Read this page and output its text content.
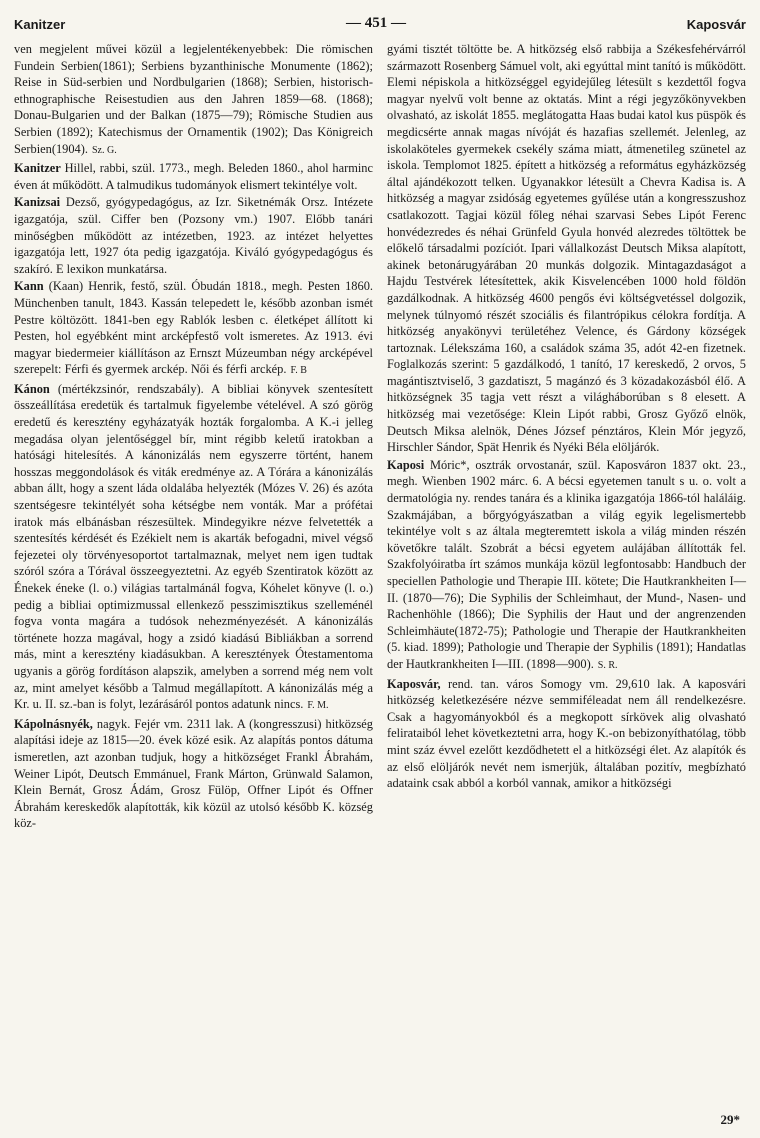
Kanitzer	— 451 —	Kaposvár

ven megjelent művei közül a legjelentékenyebbek: Die römischen Fundein Serbien(1861); Serbiens byzanthinische Monumente (1862); Reise in Süd-serbien und Nordbulgarien (1868); Serbien, historisch-ethnographische Reisestudien aus den Jahren 1859—68. (1868); Donau-Bulgarien und der Balkan (1875—79); Römische Studien aus Serbien (1892); Katechismus der Ornamentik (1902); Das Königreich Serbien(1904). Sz. G.

Kanitzer Hillel, rabbi, szül. 1773., megh. Beleden 1860., ahol harminc éven át működött. A talmudikus tudományok elismert tekintélye volt.

Kanizsai Dezső, gyógypedagógus, az Izr. Siketnémák Orsz. Intézete igazgatója, szül. Ciffer ben (Pozsony vm.) 1907. Előbb tanári minőségben működött az intézetben, 1923. az intézet helyettes igazgatója lett, 1927 óta pedig igazgatója. Kiváló gyógypedagógus és szakíró. E lexikon munkatársa.

Kann (Kaan) Henrik, festő, szül. Óbudán 1818., megh. Pesten 1860. Münchenben tanult, 1843. Kassán telepedett le, később azonban ismét Pestre költözött. 1841-ben egy Rablók lesben c. életképet állított ki Pesten, hol egyébként mint arcképfestő volt ismeretes. Az 1913. évi magyar biedermeier kiállításon az Ernszt Múzeumban négy arcképével szerepelt: Férfi és gyermek arckép. Női és férfi arckép. F. B

Kánon (mértékzsinór, rendszabály). A bibliai könyvek szentesített összeállítása eredetük és tartalmuk figyelembe vételével. A szó görög eredetű és keresztény egyházatyák hozták forgalomba. A K.-i jelleg megadása olyan jelentőséggel bír, mint régibb keletű iratokban a hatósági hitelesítés. A kánonizálás nem egyszerre történt, hanem hosszas meggondolások és viták eredménye az. A Tórára a kánonizálás abban állt, hogy a szent láda oldalába helyezték (Mózes V. 26) és azóta szentségesre tekintélyét soha kétségbe nem vonták. Mar a prófétai iratok más elbánásban részesültek. Mindegyikre nézve felvetették a szentesítés kérdését és Ezékielt nem is akarták befogadni, mivel végső fejezetei oly törvényesoportot tartalmaznak, melyet nem igen tudtak szóról szóra a Tórával összeegyeztetni. Az egyéb Szentiratok között az Énekek éneke (l. o.) világias tartalmánál fogva, Kóhelet könyve (l. o.) pedig a bibliai optimizmussal ellenkező pesszimisztikus szelleménél fogva vonta magára a tudósok nehezményezését. A kánonizálás története hozza magával, hogy a zsidó kiadású Bibliákban a sorrend más, mint a keresztény kiadásukban. A keresztények Ótestamentoma ugyanis a görög fordításon alapszik, amelyben a sorrend még nem volt az, mint amelyet később a Talmud megállapított. A kánonizálás még a Kr. u. II. sz.-ban is folyt, lezárásáról pontos adatunk nincs. F. M.

Kápolnásnyék, nagyk. Fejér vm. 2311 lak. A (kongresszusi) hitközség alapítási ideje az 1815—20. évek közé esik. Az alapítás pontos dátuma ismeretlen, azt azonban tudjuk, hogy a hitközséget Frankl Ábrahám, Weiner Lipót, Deutsch Emmánuel, Frank Márton, Grünwald Salamon, Klein Bernát, Grosz Ádám, Grosz Fülöp, Offner Lipót és Offner Ábrahám kereskedők alapították, kik közül az utolsó később K. község köz-

gyámi tisztét töltötte be. A hitközség első rabbija a Székesfehérvárról származott Rosenberg Sámuel volt, aki egyúttal mint tanító is működött. Elemi népiskola a hitközséggel egyidejűleg létesült s kezdettől fogva magyar nyelvű volt benne az oktatás. Mint a régi jegyzőkönyvekben olvasható, az iskolát 1855. meglátogatta Haas budai katol kus püspök és megdicsérte annak magas nívóját és hazafias szellemét. Jelenleg, az iskolaköteles gyermekek csekély száma miatt, átmenetileg szünetel az iskola. Templomot 1825. épített a hitközség a református egyházközség által ajándékozott telken. Ugyanakkor létesült a Chevra Kadisa is. A hitközség a magyar zsidóság egyetemes gyűlése után a kongresszushoz csatlakozott. Tagjai közül főleg néhai szarvasi Sebes Lipót Ferenc honvédezredes és néhai Grünfeld Gyula honvéd alezredes töltöttek be előkelő társadalmi pozíciót. Ipari vállalkozást Deutsch Miksa alapított, akinek betonárugyárában 20 munkás dolgozik. Mintagazdaságot a Hajdu Testvérek létesítettek, akik Kisvelencében 1000 hold földön gazdálkodnak. A hitközség 4600 pengős évi költségvetéssel dolgozik, melynek túlnyomó részét szociális és filantrópikus célokra fordítja. A hitközség anyakönyvi területéhez Velence, és Gárdony községek tartoznak. Lélekszáma 160, a családok száma 35, adót 42-en fizetnek. Foglalkozás szerint: 5 gazdálkodó, 1 tanító, 17 kereskedő, 2 orvos, 5 magántisztviselő, 3 gazdatiszt, 5 magánzó és 3 közadakozásból élő. A hitközségnek 35 tagja vett részt a világháborúban s 8 elesett. A hitközség mai vezetősége: Klein Lipót rabbi, Grosz Győző elnök, Deutsch Miksa alelnök, Dénes József pénztáros, Klein Mór jegyző, Hirschler Sándor, Spät Henrik és Nyéki Béla elöljárók.

Kaposi Móric*, osztrák orvostanár, szül. Kaposváron 1837 okt. 23., megh. Wienben 1902 márc. 6. A bécsi egyetemen tanult s u. o. volt a dermatológia ny. rendes tanára és a klinika igazgatója 1866-tól haláláig. Szakmájában, a bőrgyógyászatban a világ egyik legelismertebb tekintélye volt s az általa megteremtett iskola a világ minden részén követőkre talált. Szobrát a bécsi egyetem aulájában állították fel. Szakfolyóiratba írt számos munkája közül legfontosabb: Handbuch der speciellen Pathologie und Therapie III. kötete; Die Hautkrankheiten I—II. (1870—76); Die Syphilis der Schleimhaut, der Mund-, Nasen- und Rachenhöhle (1866); Die Syphilis der Haut und der angrenzenden Schleimhäute(1872-75); Pathologie und Therapie der Hautkrankheiten (5. kiad. 1899); Pathologie und Therapie der Syphilis (1891); Handatlas der Hautkrankheiten I—III. (1898—900). S. R.

Kaposvár, rend. tan. város Somogy vm. 29,610 lak. A kaposvári hitközség keletkezésére nézve semmiféleadat nem áll rendelkezésre. Csak a hagyományokból és a megkopott sírkövek alig olvasható felirataiból lehet következtetni arra, hogy K.-on bebizonyíthatólag, több mint száz évvel ezelőtt kezdődhetett el a hitközségi élet. Az alapítók és az első elöljárók nevét nem ismerjük, általában pozitív, megbízható adataink csak abból a korból vannak, amikor a hitközségi

29*
